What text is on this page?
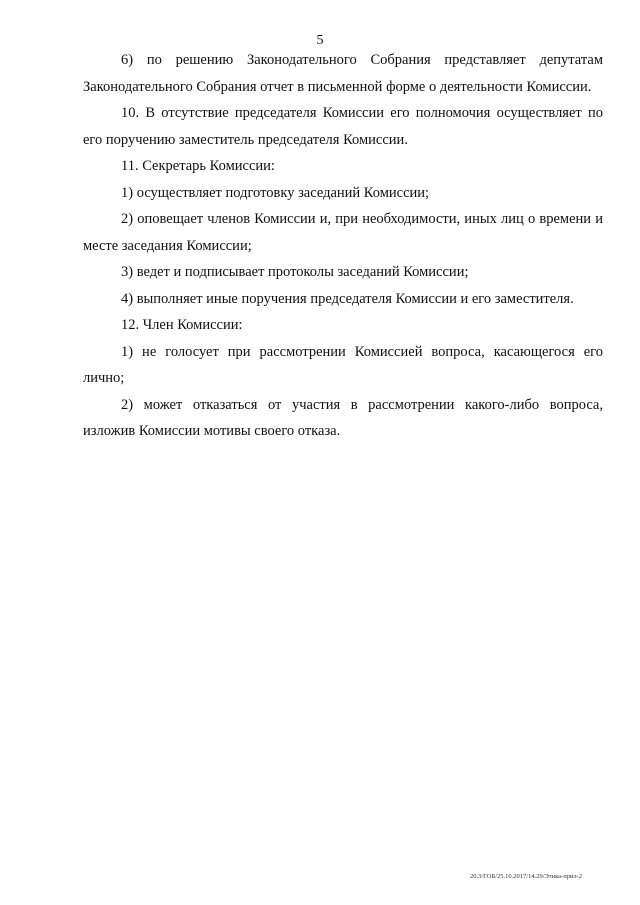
5

6) по решению Законодательного Собрания представляет депутатам Законодательного Собрания отчет в письменной форме о деятельности Комиссии.

10. В отсутствие председателя Комиссии его полномочия осуществляет по его поручению заместитель председателя Комиссии.

11. Секретарь Комиссии:

1) осуществляет подготовку заседаний Комиссии;

2) оповещает членов Комиссии и, при необходимости, иных лиц о времени и месте заседания Комиссии;

3) ведет и подписывает протоколы заседаний Комиссии;

4) выполняет иные поручения председателя Комиссии и его заместителя.

12. Член Комиссии:

1) не голосует при рассмотрении Комиссией вопроса, касающегося его лично;

2) может отказаться от участия в рассмотрении какого-либо вопроса, изложив Комиссии мотивы своего отказа.

20.3/ГОБ/25.10.2017/14.29/Этика-прил-2
